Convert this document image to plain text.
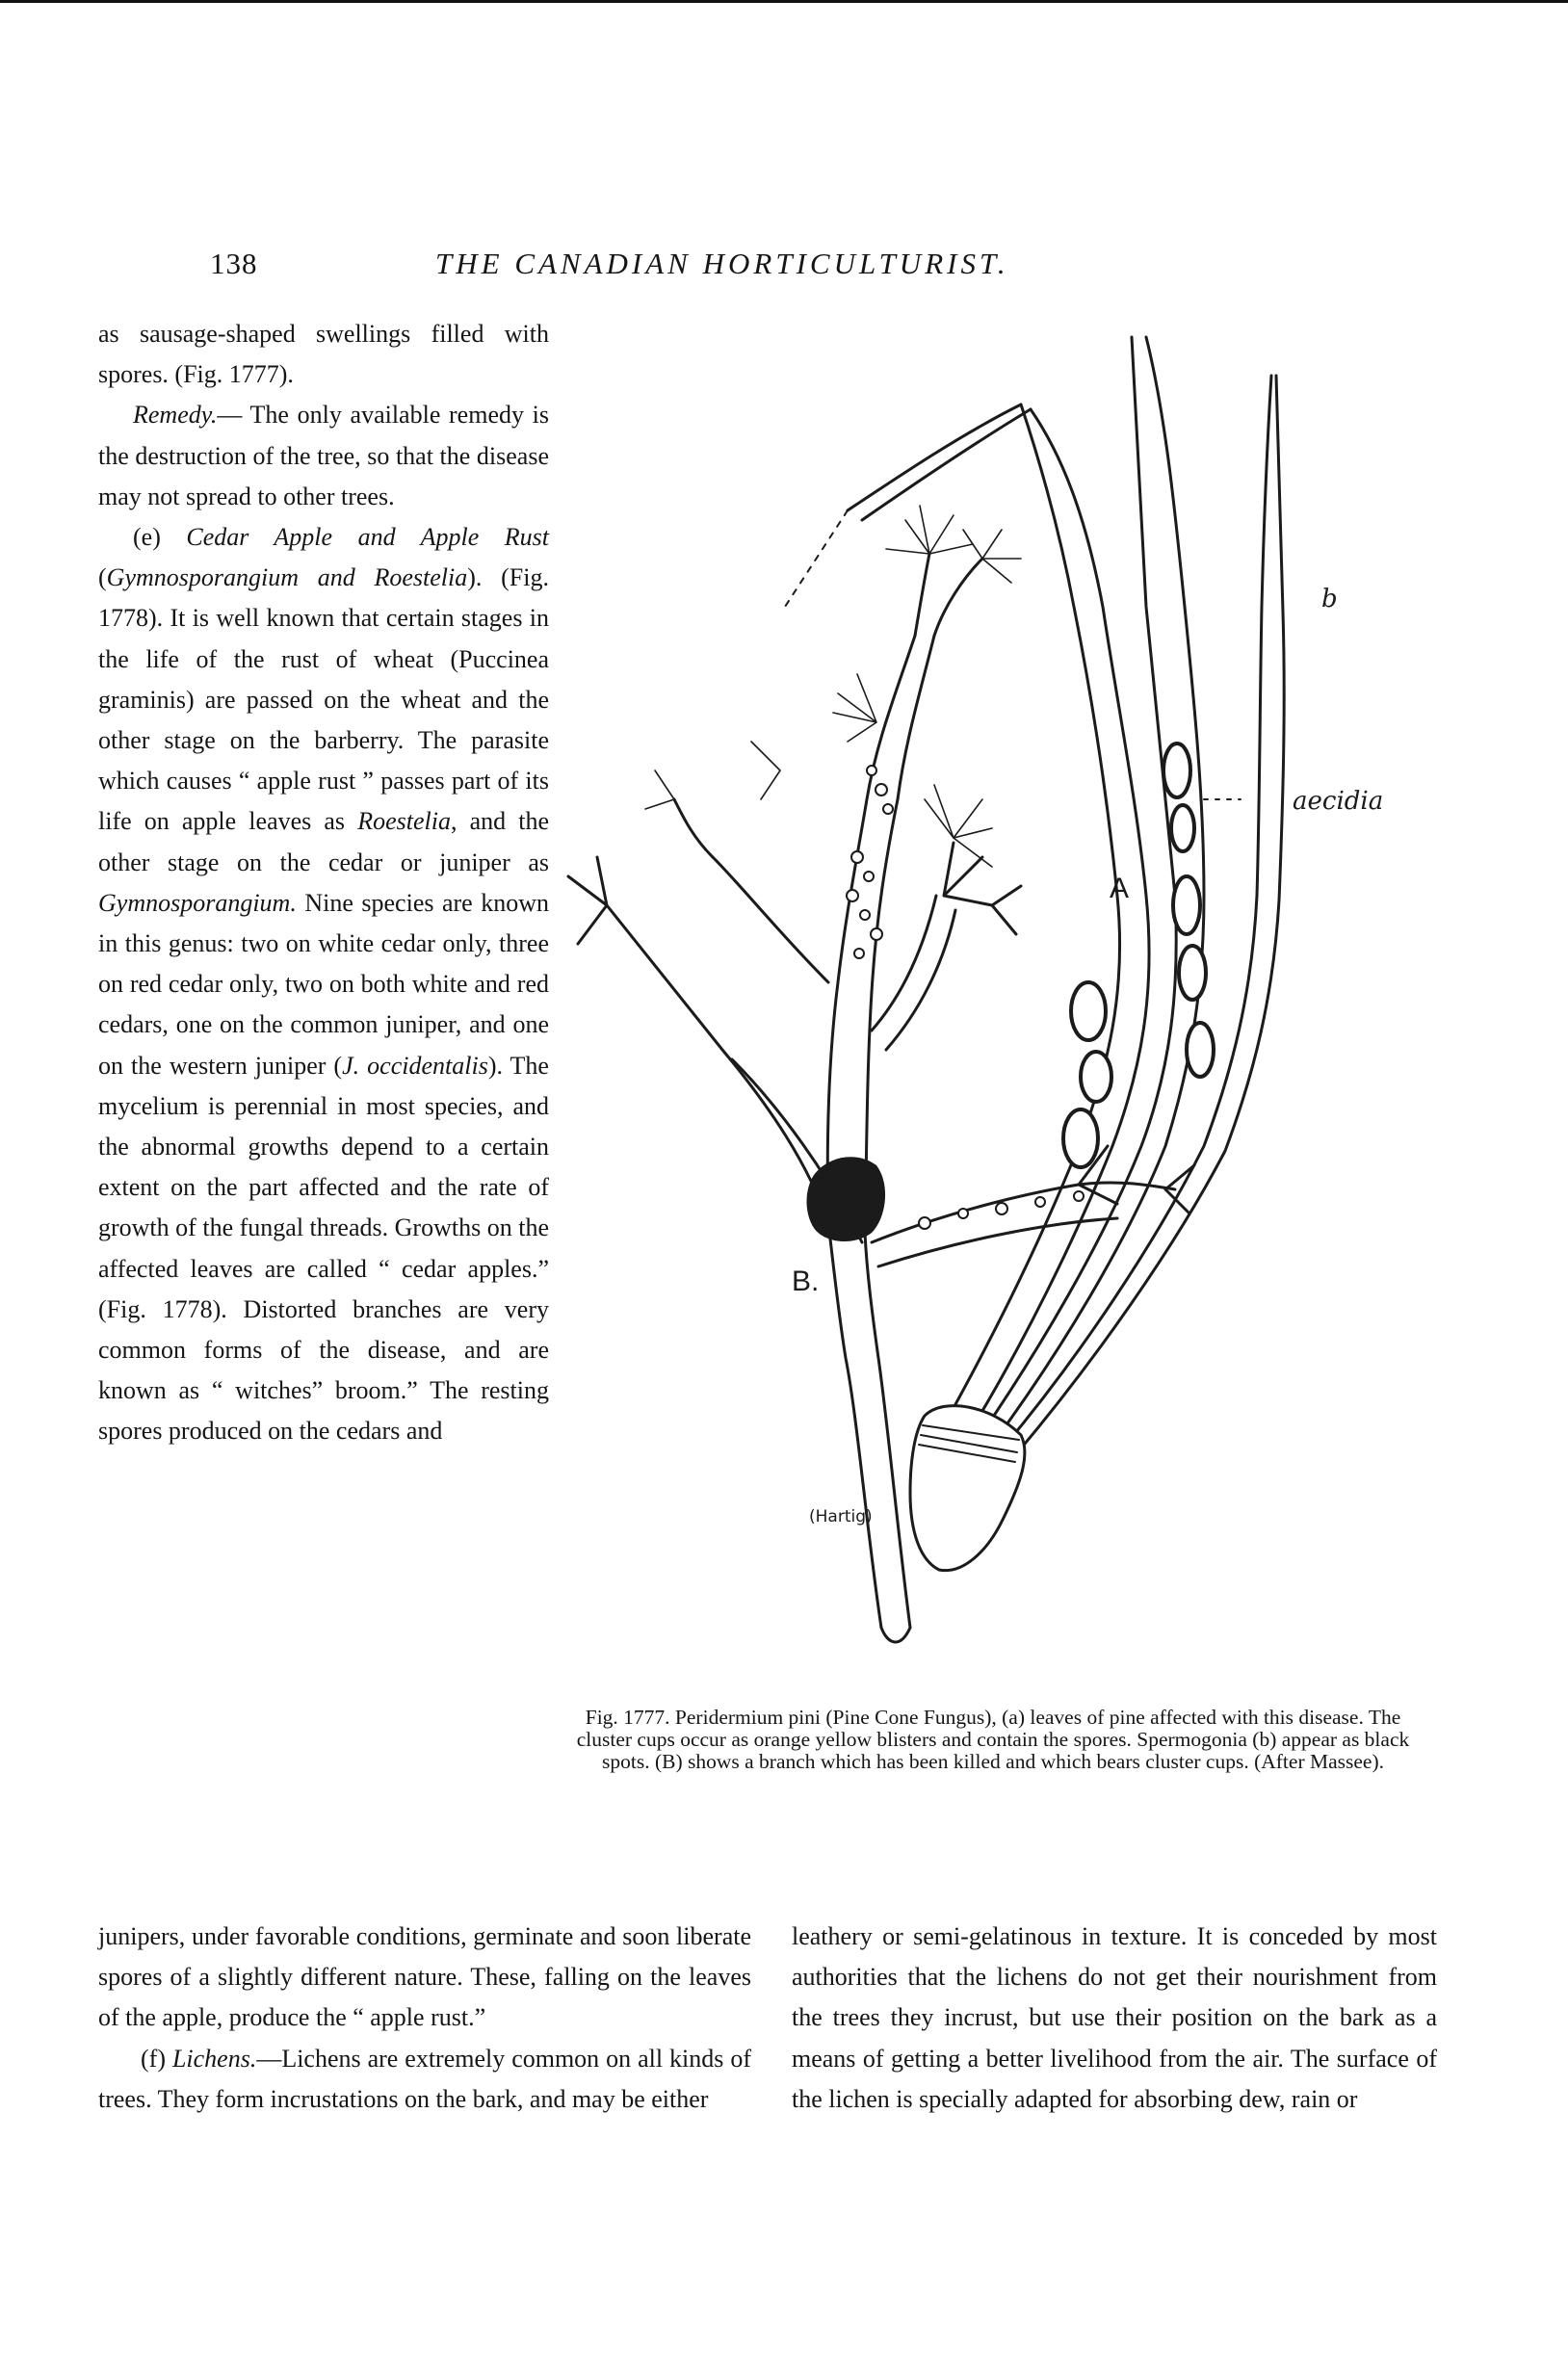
138	THE CANADIAN HORTICULTURIST.

as sausage-shaped swellings filled with spores. (Fig. 1777).

Remedy.— The only available remedy is the destruction of the tree, so that the disease may not spread to other trees.

(e) Cedar Apple and Apple Rust (Gymnosporangium and Roestelia). (Fig. 1778). It is well known that certain stages in the life of the rust of wheat (Puccinea graminis) are passed on the wheat and the other stage on the barberry. The parasite which causes “ apple rust ” passes part of its life on apple leaves as Roestelia, and the other stage on the cedar or juniper as Gymnosporangium. Nine species are known in this genus: two on white cedar only, three on red cedar only, two on both white and red cedars, one on the common juniper, and one on the western juniper (J. occidentalis). The mycelium is perennial in most species, and the abnormal growths depend to a certain extent on the part affected and the rate of growth of the fungal threads. Growths on the affected leaves are called “ cedar apples.” (Fig. 1778). Distorted branches are very common forms of the disease, and are known as “ witches” broom.” The resting spores produced on the cedars and

A
B.
b
aecidia
(Hartig)
Fig. 1777. Peridermium pini (Pine Cone Fungus), (a) leaves of pine affected with this disease. The cluster cups occur as orange yellow blisters and contain the spores. Spermogonia (b) appear as black spots. (B) shows a branch which has been killed and which bears cluster cups. (After Massee).

junipers, under favorable conditions, germinate and soon liberate spores of a slightly different nature. These, falling on the leaves of the apple, produce the “ apple rust.”

(f) Lichens.—Lichens are extremely common on all kinds of trees. They form incrustations on the bark, and may be either

leathery or semi-gelatinous in texture. It is conceded by most authorities that the lichens do not get their nourishment from the trees they incrust, but use their position on the bark as a means of getting a better livelihood from the air. The surface of the lichen is specially adapted for absorbing dew, rain or
